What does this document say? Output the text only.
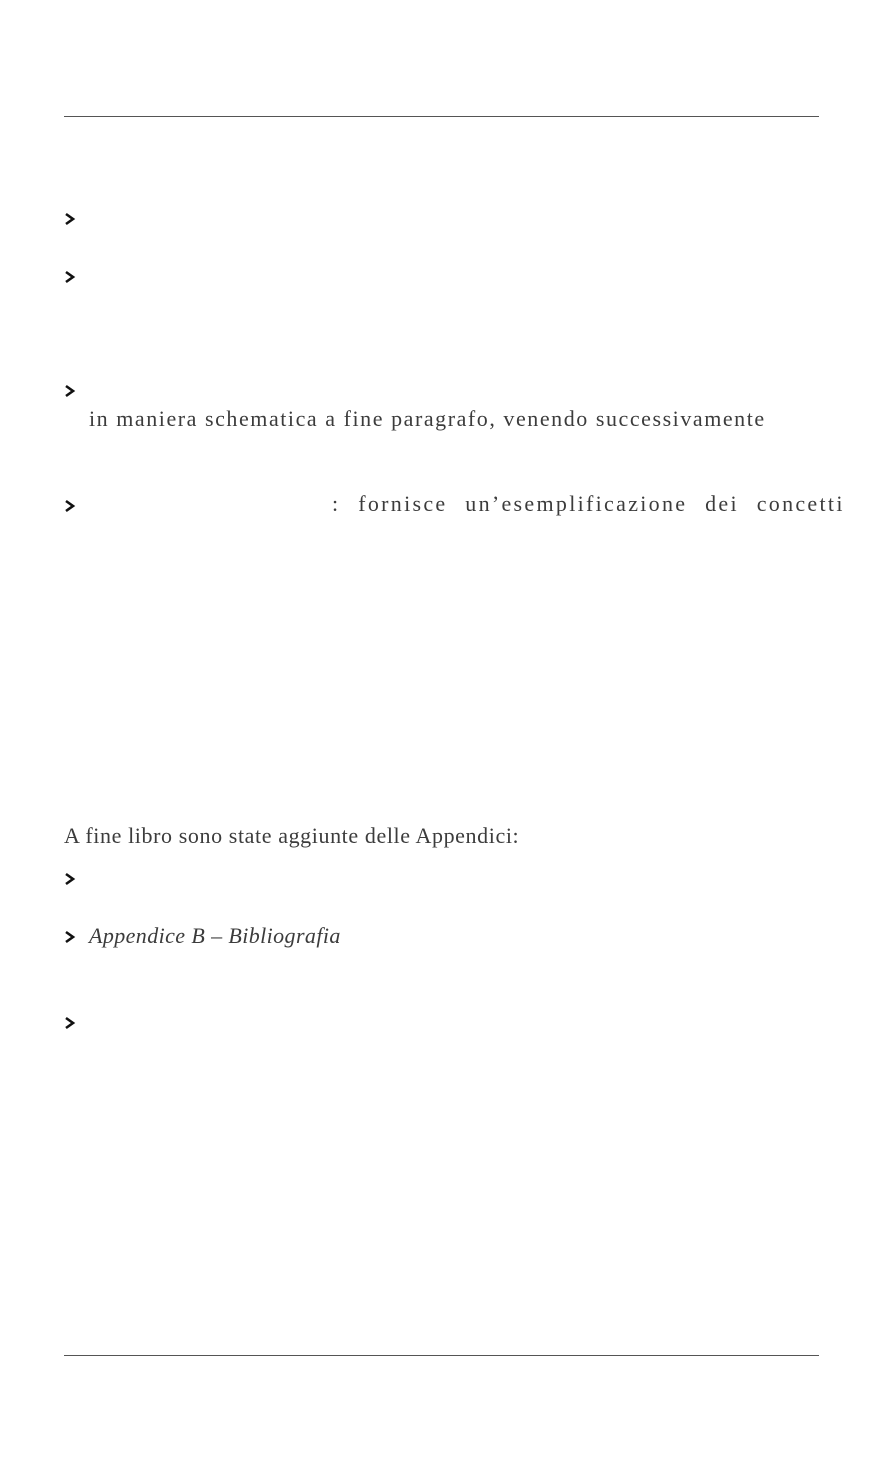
in maniera schematica a fine paragrafo, venendo successivamente
: fornisce un’esemplificazione dei concetti
A fine libro sono state aggiunte delle Appendici:
Appendice B – Bibliografia
